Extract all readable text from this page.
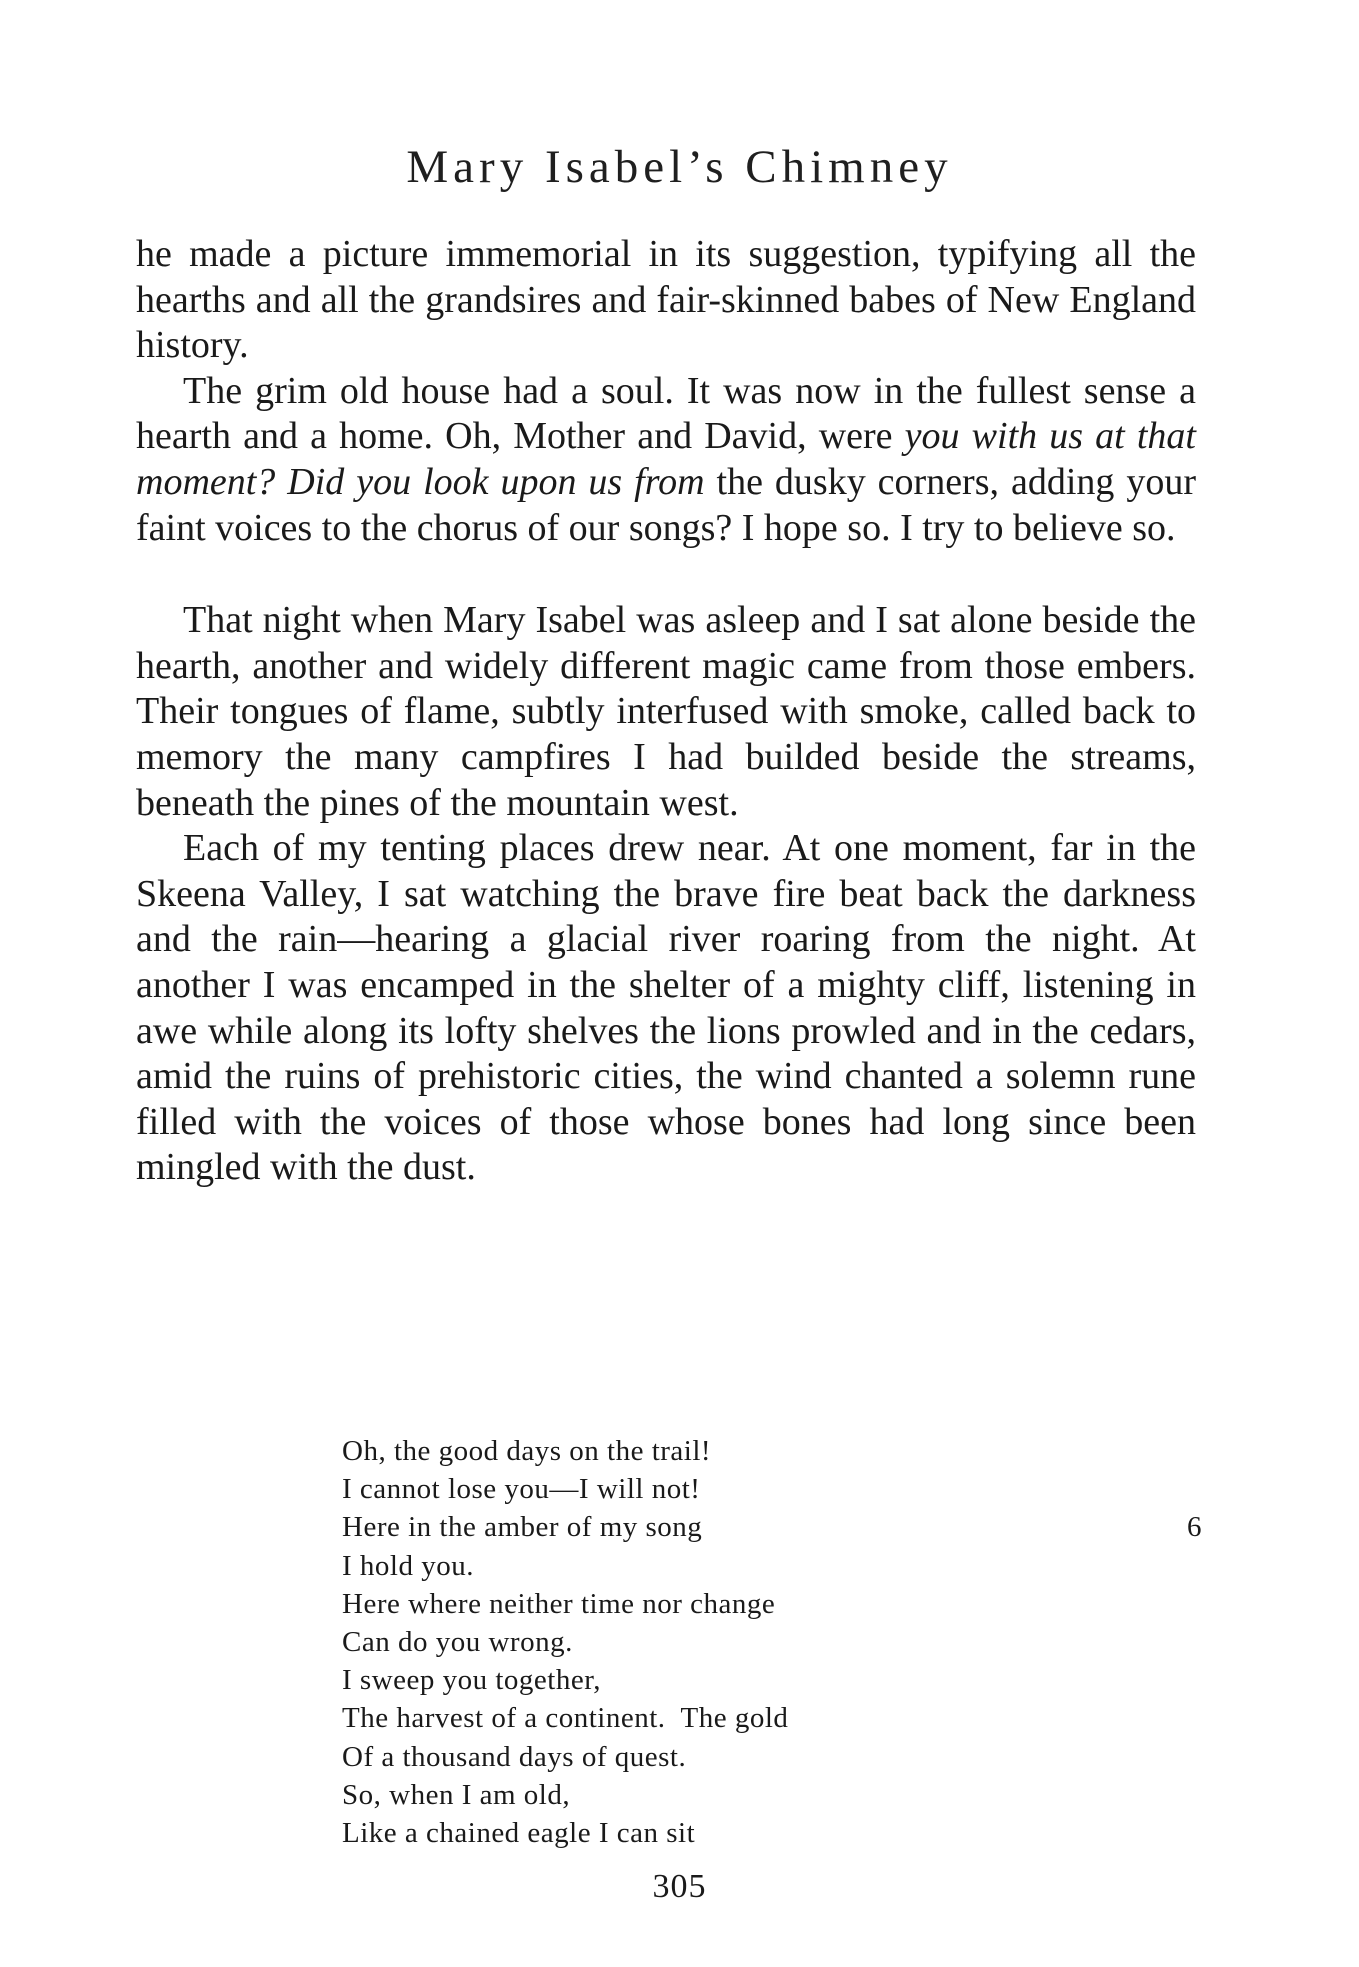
Mary Isabel’s Chimney

he made a picture immemorial in its suggestion, typifying all the hearths and all the grandsires and fair-skinned babes of New England history.

The grim old house had a soul. It was now in the fullest sense a hearth and a home. Oh, Mother and David, were you with us at that moment? Did you look upon us from the dusky corners, adding your faint voices to the chorus of our songs? I hope so. I try to believe so.

That night when Mary Isabel was asleep and I sat alone beside the hearth, another and widely different magic came from those embers. Their tongues of flame, subtly interfused with smoke, called back to memory the many campfires I had builded beside the streams, beneath the pines of the mountain west.

Each of my tenting places drew near. At one moment, far in the Skeena Valley, I sat watching the brave fire beat back the darkness and the rain—hearing a glacial river roaring from the night. At another I was encamped in the shelter of a mighty cliff, listening in awe while along its lofty shelves the lions prowled and in the cedars, amid the ruins of prehistoric cities, the wind chanted a solemn rune filled with the voices of those whose bones had long since been mingled with the dust.

Oh, the good days on the trail!
I cannot lose you—I will not!
Here in the amber of my song	6
I hold you.
Here where neither time nor change
Can do you wrong.
I sweep you together,
The harvest of a continent.  The gold
Of a thousand days of quest.
So, when I am old,
Like a chained eagle I can sit
305
